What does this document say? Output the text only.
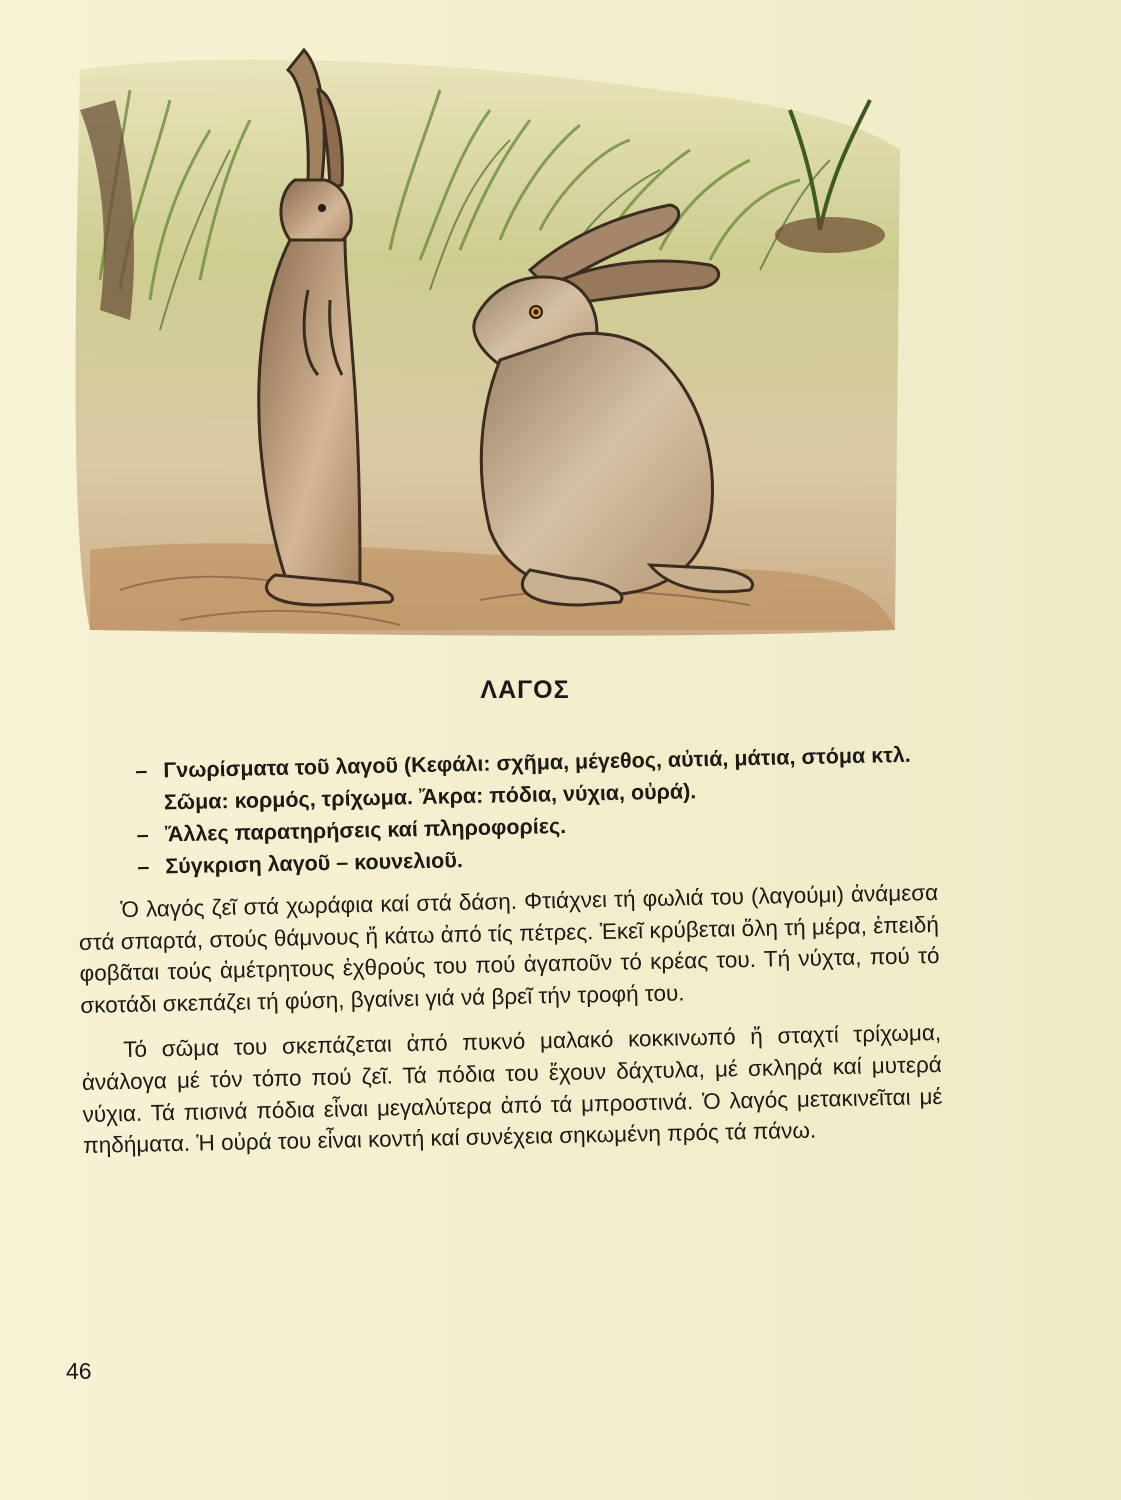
ΛΑΓΟΣ
– Γνωρίσματα τοῦ λαγοῦ (Κεφάλι: σχῆμα, μέγεθος, αὐτιά, μάτια, στόμα κτλ. Σῶμα: κορμός, τρίχωμα. Ἄκρα: πόδια, νύχια, οὐρά).
– Ἄλλες παρατηρήσεις καί πληροφορίες.
– Σύγκριση λαγοῦ – κουνελιοῦ.

Ὁ λαγός ζεῖ στά χωράφια καί στά δάση. Φτιάχνει τή φωλιά του (λαγούμι) ἀνάμεσα στά σπαρτά, στούς θάμνους ἤ κάτω ἀπό τίς πέτρες. Ἐκεῖ κρύβεται ὅλη τή μέρα, ἐπειδή φοβᾶται τούς ἀμέτρητους ἐχθρούς του πού ἀγαποῦν τό κρέας του. Τή νύχτα, πού τό σκοτάδι σκεπάζει τή φύση, βγαίνει γιά νά βρεῖ τήν τροφή του.

Τό σῶμα του σκεπάζεται ἀπό πυκνό μαλακό κοκκινωπό ἤ σταχτί τρίχωμα, ἀνάλογα μέ τόν τόπο πού ζεῖ. Τά πόδια του ἔχουν δάχτυλα, μέ σκληρά καί μυτερά νύχια. Τά πισινά πόδια εἶναι μεγαλύτερα ἀπό τά μπροστινά. Ὁ λαγός μετακινεῖται μέ πηδήματα. Ἡ οὐρά του εἶναι κοντή καί συνέχεια σηκωμένη πρός τά πάνω.

46
